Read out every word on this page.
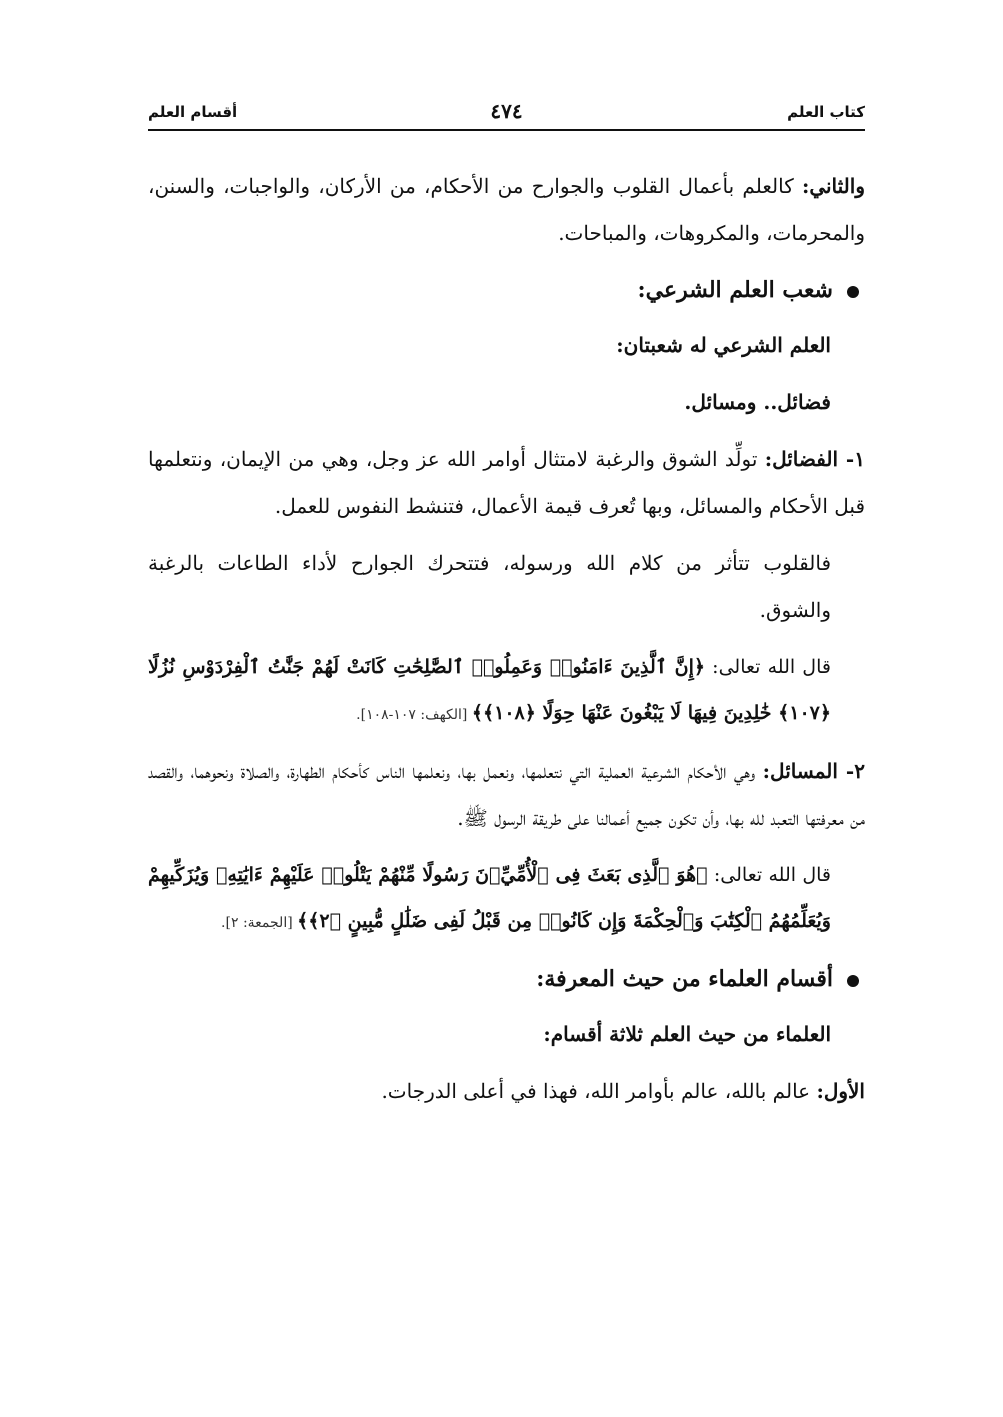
كتاب العلم
٤٧٤
أقسام العلم

والثاني: كالعلم بأعمال القلوب والجوارح من الأحكام، من الأركان، والواجبات، والسنن، والمحرمات، والمكروهات، والمباحات.

شعب العلم الشرعي:

العلم الشرعي له شعبتان:

فضائل.. ومسائل.

١- الفضائل: تولِّد الشوق والرغبة لامتثال أوامر الله عز وجل، وهي من الإيمان، ونتعلمها قبل الأحكام والمسائل، وبها تُعرف قيمة الأعمال، فتنشط النفوس للعمل.

فالقلوب تتأثر من كلام الله ورسوله، فتتحرك الجوارح لأداء الطاعات بالرغبة والشوق.

قال الله تعالى: ﴿إِنَّ ٱلَّذِينَ ءَامَنُوا۟ وَعَمِلُوا۟ ٱلصَّٰلِحَٰتِ كَانَتْ لَهُمْ جَنَّٰتُ ٱلْفِرْدَوْسِ نُزُلًا ﴿١٠٧﴾ خَٰلِدِينَ فِيهَا لَا يَبْغُونَ عَنْهَا حِوَلًا ﴿١٠٨﴾﴾ [الكهف: ١٠٧-١٠٨].

٢- المسائل: وهي الأحكام الشرعية العملية التي نتعلمها، ونعمل بها، ونعلمها الناس كأحكام الطهارة، والصلاة ونحوهما، والقصد من معرفتها التعبد لله بها، وأن تكون جميع أعمالنا على طريقة الرسول ﷺ.

قال الله تعالى: ﴿هُوَ ٱلَّذِى بَعَثَ فِى ٱلْأُمِّيِّۦنَ رَسُولًا مِّنْهُمْ يَتْلُوا۟ عَلَيْهِمْ ءَايَٰتِهِۦ وَيُزَكِّيهِمْ وَيُعَلِّمُهُمُ ٱلْكِتَٰبَ وَٱلْحِكْمَةَ وَإِن كَانُوا۟ مِن قَبْلُ لَفِى ضَلَٰلٍ مُّبِينٍ ﴿٢﴾﴾ [الجمعة: ٢].

أقسام العلماء من حيث المعرفة:

العلماء من حيث العلم ثلاثة أقسام:

الأول: عالم بالله، عالم بأوامر الله، فهذا في أعلى الدرجات.
